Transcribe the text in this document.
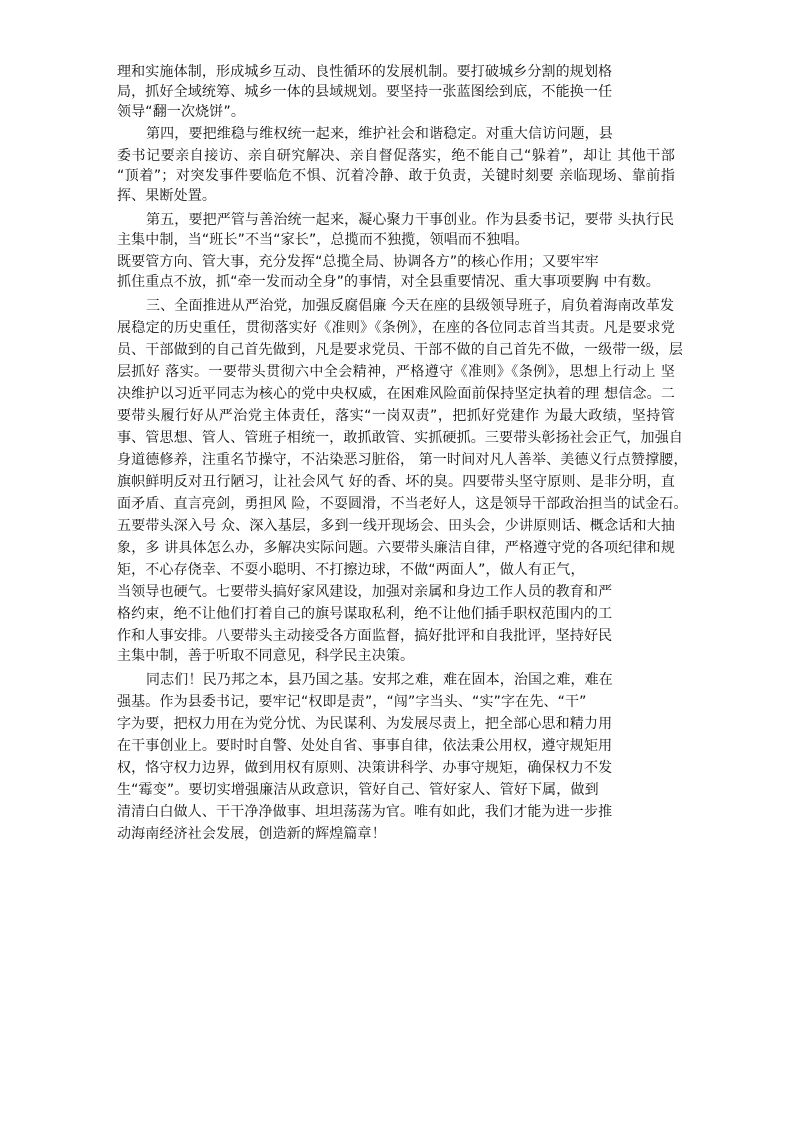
理和实施体制，形成城乡互动、良性循环的发展机制。要打破城乡分割的规划格
局，抓好全域统筹、城乡一体的县域规划。要坚持一张蓝图绘到底，不能换一任
领导“翻一次烧饼”。
第四，要把维稳与维权统一起来，维护社会和谐稳定。对重大信访问题，县
委书记要亲自接访、亲自研究解决、亲自督促落实，绝不能自己“躲着”，却让 其他干部
“顶着”；对突发事件要临危不惧、沉着冷静、敢于负责，关键时刻要 亲临现场、靠前指
挥、果断处置。
第五，要把严管与善治统一起来，凝心聚力干事创业。作为县委书记，要带 头执行民
主集中制，当“班长”不当“家长”，总揽而不独揽，领唱而不独唱。
既要管方向、管大事，充分发挥“总揽全局、协调各方”的核心作用；又要牢牢
抓住重点不放，抓“牵一发而动全身”的事情，对全县重要情况、重大事项要胸 中有数。
三、全面推进从严治党，加强反腐倡廉 今天在座的县级领导班子，肩负着海南改革发
展稳定的历史重任，贯彻落实好《准则》《条例》，在座的各位同志首当其责。凡是要求党
员、干部做到的自己首先做到，凡是要求党员、干部不做的自己首先不做，一级带一级，层
层抓好 落实。一要带头贯彻六中全会精神，严格遵守《准则》《条例》，思想上行动上 坚
决维护以习近平同志为核心的党中央权威，在困难风险面前保持坚定执着的理 想信念。二
要带头履行好从严治党主体责任，落实“一岗双责”，把抓好党建作 为最大政绩，坚持管
事、管思想、管人、管班子相统一，敢抓敢管、实抓硬抓。三要带头彰扬社会正气，加强自
身道德修养，注重名节操守，不沾染恶习脏俗， 第一时间对凡人善举、美德义行点赞撑腰，
旗帜鲜明反对丑行陋习，让社会风气 好的香、坏的臭。四要带头坚守原则、是非分明，直
面矛盾、直言亮剑，勇担风 险，不耍圆滑，不当老好人，这是领导干部政治担当的试金石。
五要带头深入号 众、深入基层，多到一线开现场会、田头会，少讲原则话、概念话和大抽
象，多 讲具体怎么办，多解决实际问题。六要带头廉洁自律，严格遵守党的各项纪律和规
矩，不心存侥幸、不耍小聪明、不打擦边球，不做“两面人”，做人有正气，
当领导也硬气。七要带头搞好家风建设，加强对亲属和身边工作人员的教育和严
格约束，绝不让他们打着自己的旗号谋取私利，绝不让他们插手职权范围内的工
作和人事安排。八要带头主动接受各方面监督，搞好批评和自我批评，坚持好民
主集中制，善于听取不同意见，科学民主决策。
同志们！民乃邦之本，县乃国之基。安邦之难，难在固本，治国之难，难在
强基。作为县委书记，要牢记“权即是责”，“闯”字当头、“实”字在先、“干”
字为要，把权力用在为党分忧、为民谋利、为发展尽责上，把全部心思和精力用
在干事创业上。要时时自警、处处自省、事事自律，依法秉公用权，遵守规矩用
权，恪守权力边界，做到用权有原则、决策讲科学、办事守规矩，确保权力不发
生“霉变”。要切实增强廉洁从政意识，管好自己、管好家人、管好下属，做到
清清白白做人、干干净净做事、坦坦荡荡为官。唯有如此，我们才能为进一步推
动海南经济社会发展，创造新的辉煌篇章！
